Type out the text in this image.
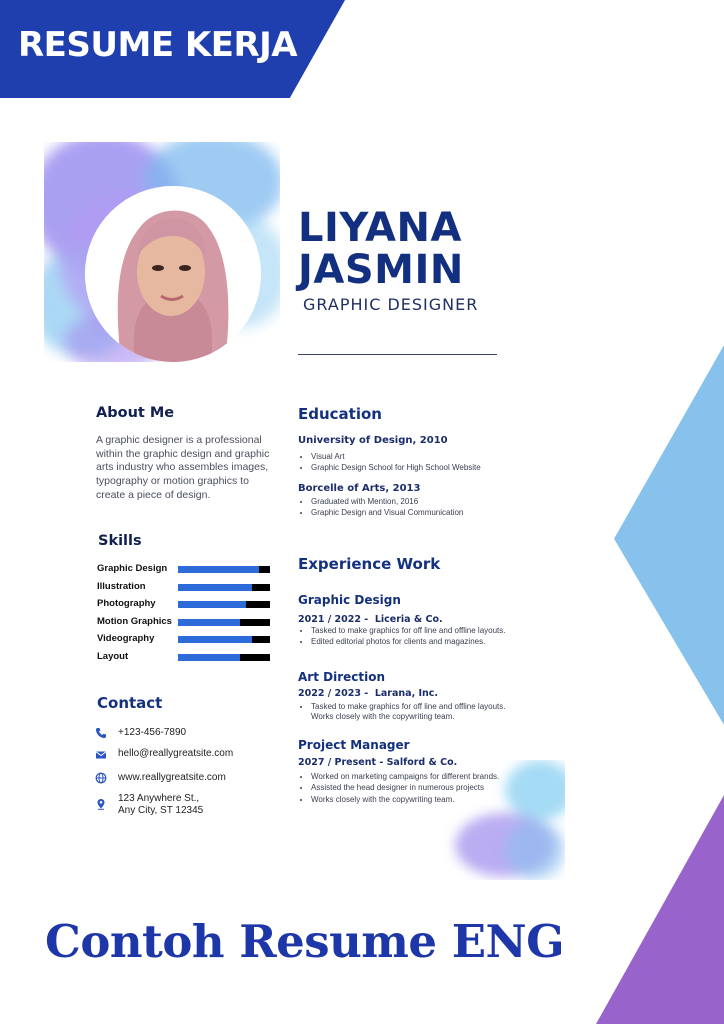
RESUME KERJA
LIYANA
JASMIN
GRAPHIC DESIGNER
About Me
A graphic designer is a professional within the graphic design and graphic arts industry who assembles images, typography or motion graphics to create a piece of design.
Skills
Graphic Design
Illustration
Photography
Motion Graphics
Videography
Layout
Contact
+123-456-7890
hello@reallygreatsite.com
www.reallygreatsite.com
123 Anywhere St.,
Any City, ST 12345
Education
University of Design, 2010
• Visual Art
• Graphic Design School for High School Website
Borcelle of Arts, 2013
• Graduated with Mention, 2016
• Graphic Design and Visual Communication
Experience Work
Graphic Design
2021 / 2022 -  Liceria & Co.
• Tasked to make graphics for off line and offline layouts.
• Edited editorial photos for clients and magazines.
Art Direction
2022 / 2023 -  Larana, Inc.
• Tasked to make graphics for off line and offline layouts. Works closely with the copywriting team.
Project Manager
2027 / Present - Salford & Co.
• Worked on marketing campaigns for different brands.
• Assisted the head designer in numerous projects
• Works closely with the copywriting team.
Contoh Resume ENG
